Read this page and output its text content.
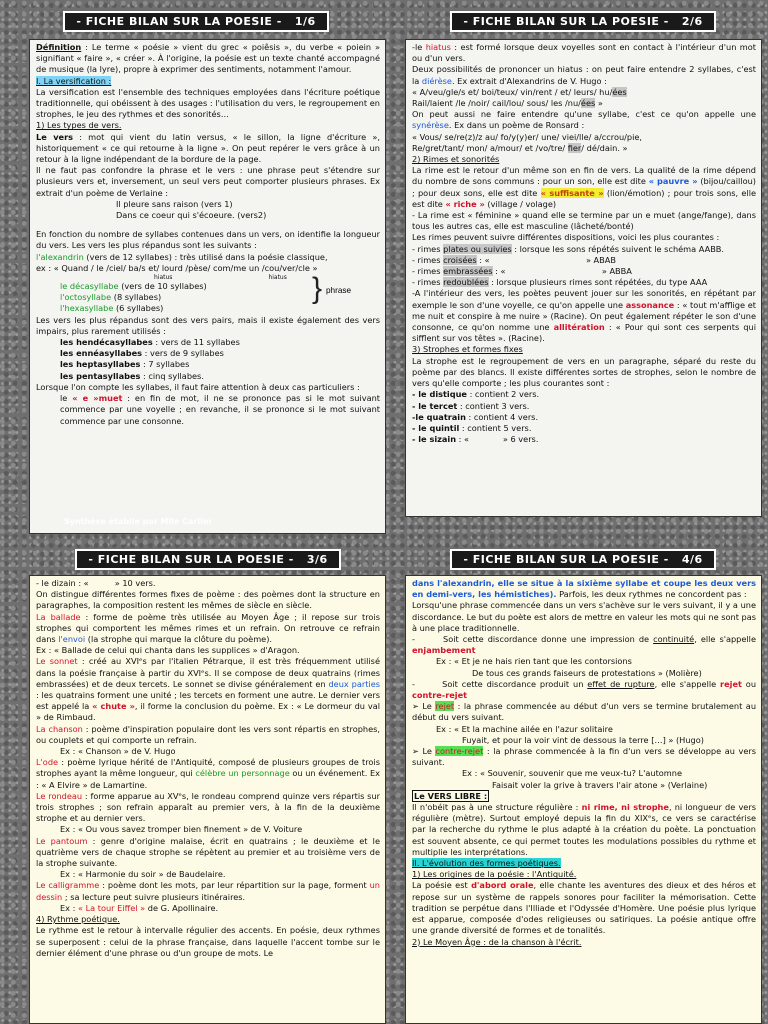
Définition : Le terme « poésie » vient du grec « poiêsis », du verbe « poiein » signifiant « faire », « créer ». À l'origine, la poésie est un texte chanté accompagné de musique (la lyre), propre à exprimer des sentiments, notamment l'amour.

I. La versification :

La versification est l'ensemble des techniques employées dans l'écriture poétique traditionnelle, qui obéissent à des usages : l'utilisation du vers, le regroupement en strophes, le jeu des rythmes et des sonorités…

1) Les types de vers.

Le vers : mot qui vient du latin versus, « le sillon, la ligne d'écriture », historiquement « ce qui retourne à la ligne ». On peut repérer le vers grâce à un retour à la ligne indépendant de la bordure de la page.

Il ne faut pas confondre la phrase et le vers : une phrase peut s'étendre sur plusieurs vers et, inversement, un seul vers peut comporter plusieurs phrases. Ex extrait d'un poème de Verlaine :

Il pleure sans raison (vers 1)

Dans ce coeur qui s'écoeure. (vers2)

En fonction du nombre de syllabes contenues dans un vers, on identifie la longueur du vers. Les vers les plus répandus sont les suivants :

l'alexandrin (vers de 12 syllabes) : très utilisé dans la poésie classique,

ex : « Quand / le /ciel/ ba/s et/ lourd /pèse/ com/me un /cou/ver/cle »

hiatus	hiatus

le décasyllabe (vers de 10 syllabes)

l'octosyllabe (8 syllabes)

l'hexasyllabe (6 syllabes)

Les vers les plus répandus sont des vers pairs, mais il existe également des vers impairs, plus rarement utilisés :

les hendécasyllabes : vers de 11 syllabes

les ennéasyllabes : vers de 9 syllabes

les heptasyllabes : 7 syllabes

les pentasyllabes : cinq syllabes.

Lorsque l'on compte les syllabes, il faut faire attention à deux cas particuliers :

le « e »muet : en fin de mot, il ne se prononce pas si le mot suivant commence par une voyelle ; en revanche, il se prononce si le mot suivant commence par une consonne.

} phrase
Synthèse établie par Mlle Carlier
- FICHE BILAN SUR LA POESIE -   1/6

-le hiatus : est formé lorsque deux voyelles sont en contact à l'intérieur d'un mot ou d'un vers.

Deux possibilités de prononcer un hiatus : on peut faire entendre 2 syllabes, c'est la diérèse. Ex extrait d'Alexandrins de V. Hugo :

« A/veu/gle/s et/ boi/teux/ vin/rent / et/ leurs/ hu/ées

Rail/laient /le /noir/ cail/lou/ sous/ les /nu/ées »

On peut aussi ne faire entendre qu'une syllabe, c'est ce qu'on appelle une synérèse. Ex dans un poème de Ronsard :

« Vous/ se/re(z)/z au/ fo/y(y)er/ une/ viei/lle/ a/ccrou/pie,

Re/gret/tant/ mon/ a/mour/ et /vo/tre/ fier/ dé/dain. »

2) Rimes et sonorités

La rime est le retour d'un même son en fin de vers. La qualité de la rime dépend du nombre de sons communs : pour un son, elle est dite « pauvre » (bijou/caillou) ; pour deux sons, elle est dite « suffisante » (lion/émotion) ; pour trois sons, elle est dite « riche » (village / volage)

- La rime est « féminine » quand elle se termine par un e muet (ange/fange), dans tous les autres cas, elle est masculine (lâcheté/bonté)

Les rimes peuvent suivre différentes dispositions, voici les plus courantes :

- rimes plates ou suivies : lorsque les sons répétés suivent le schéma AABB.

- rimes croisées : «                                     » ABAB

- rimes embrassées : «                                     » ABBA

- rimes redoublées : lorsque plusieurs rimes sont répétées, du type AAA

-A l'intérieur des vers, les poètes peuvent jouer sur les sonorités, en répétant par exemple le son d'une voyelle, ce qu'on appelle une assonance : « tout m'afflige et me nuit et conspire à me nuire » (Racine). On peut également répéter le son d'une consonne, ce qu'on nomme une allitération : « Pour qui sont ces serpents qui sifflent sur vos têtes ». (Racine).

3) Strophes et formes fixes

La strophe est le regroupement de vers en un paragraphe, séparé du reste du poème par des blancs. Il existe différentes sortes de strophes, selon le nombre de vers qu'elle comporte ; les plus courantes sont :

- le distique : contient 2 vers.

- le tercet : contient 3 vers.

-le quatrain : contient 4 vers.

- le quintil : contient 5 vers.

- le sizain : «             » 6 vers.

- FICHE BILAN SUR LA POESIE -   2/6

- le dizain : «          » 10 vers.

On distingue différentes formes fixes de poème : des poèmes dont la structure en paragraphes, la composition restent les mêmes de siècle en siècle.

La ballade : forme de poème très utilisée au Moyen Âge ; il repose sur trois strophes qui comportent les mêmes rimes et un refrain. On retrouve ce refrain dans l'envoi (la strophe qui marque la clôture du poème).

Ex : « Ballade de celui qui chanta dans les supplices » d'Aragon.

Le sonnet : créé au XVIᵉs par l'italien Pétrarque, il est très fréquemment utilisé dans la poésie française à partir du XVIᵉs. Il se compose de deux quatrains (rimes embrassées) et de deux tercets. Le sonnet se divise généralement en deux parties : les quatrains forment une unité ; les tercets en forment une autre. Le dernier vers est appelé la « chute », il forme la conclusion du poème. Ex : « Le dormeur du val » de Rimbaud.

La chanson : poème d'inspiration populaire dont les vers sont répartis en strophes, ou couplets et qui comporte un refrain.

Ex : « Chanson » de V. Hugo

L'ode : poème lyrique hérité de l'Antiquité, composé de plusieurs groupes de trois strophes ayant la même longueur, qui célèbre un personnage ou un événement. Ex : « A Elvire » de Lamartine.

Le rondeau : forme apparue au XVᵉs, le rondeau comprend quinze vers répartis sur trois strophes ; son refrain apparaît au premier vers, à la fin de la deuxième strophe et au dernier vers.

Ex : « Ou vous savez tromper bien finement » de V. Voiture

Le pantoum : genre d'origine malaise, écrit en quatrains ; le deuxième et le quatrième vers de chaque strophe se répètent au premier et au troisième vers de la strophe suivante.

Ex : « Harmonie du soir » de Baudelaire.

Le calligramme : poème dont les mots, par leur répartition sur la page, forment un dessin ; sa lecture peut suivre plusieurs itinéraires.

Ex : « La tour Eiffel » de G. Apollinaire.

4) Rythme poétique.

Le rythme est le retour à intervalle régulier des accents. En poésie, deux rythmes se superposent : celui de la phrase française, dans laquelle l'accent tombe sur le dernier élément d'une phrase ou d'un groupe de mots. Le

- FICHE BILAN SUR LA POESIE -   3/6

dans l'alexandrin, elle se situe à la sixième syllabe et coupe les deux vers en demi-vers, les hémistiches). Parfois, les deux rythmes ne concordent pas :

Lorsqu'une phrase commencée dans un vers s'achève sur le vers suivant, il y a une discordance. Le but du poète est alors de mettre en valeur les mots qui ne sont pas à une place traditionnelle.

-       Soit cette discordance donne une impression de continuité, elle s'appelle enjambement

Ex : « Et je ne hais rien tant que les contorsions

De tous ces grands faiseurs de protestations » (Molière)

-       Soit cette discordance produit un effet de rupture, elle s'appelle rejet ou contre-rejet

➢ Le rejet : la phrase commencée au début d'un vers se termine brutalement au début du vers suivant.

Ex : « Et la machine ailée en l'azur solitaire

Fuyait, et pour la voir vint de dessous la terre […] » (Hugo)

➢ Le contre-rejet : la phrase commencée à la fin d'un vers se développe au vers suivant.

Ex : « Souvenir, souvenir que me veux-tu? L'automne

Faisait voler la grive à travers l'air atone » (Verlaine)

Le VERS LIBRE :

Il n'obéit pas à une structure régulière : ni rime, ni strophe, ni longueur de vers régulière (mètre). Surtout employé depuis la fin du XIXᵉs, ce vers se caractérise par la recherche du rythme le plus adapté à la création du poète. La ponctuation est souvent absente, ce qui permet toutes les modulations possibles du rythme et multiplie les interprétations.

II. L'évolution des formes poétiques.

1) Les origines de la poésie : l'Antiquité.

La poésie est d'abord orale, elle chante les aventures des dieux et des héros et repose sur un système de rappels sonores pour faciliter la mémorisation. Cette tradition se perpétue dans l'Illiade et l'Odyssée d'Homère. Une poésie plus lyrique est apparue, composée d'odes religieuses ou satiriques. La poésie antique offre une grande diversité de formes et de tonalités.

2) Le Moyen Âge : de la chanson à l'écrit.

- FICHE BILAN SUR LA POESIE -   4/6
